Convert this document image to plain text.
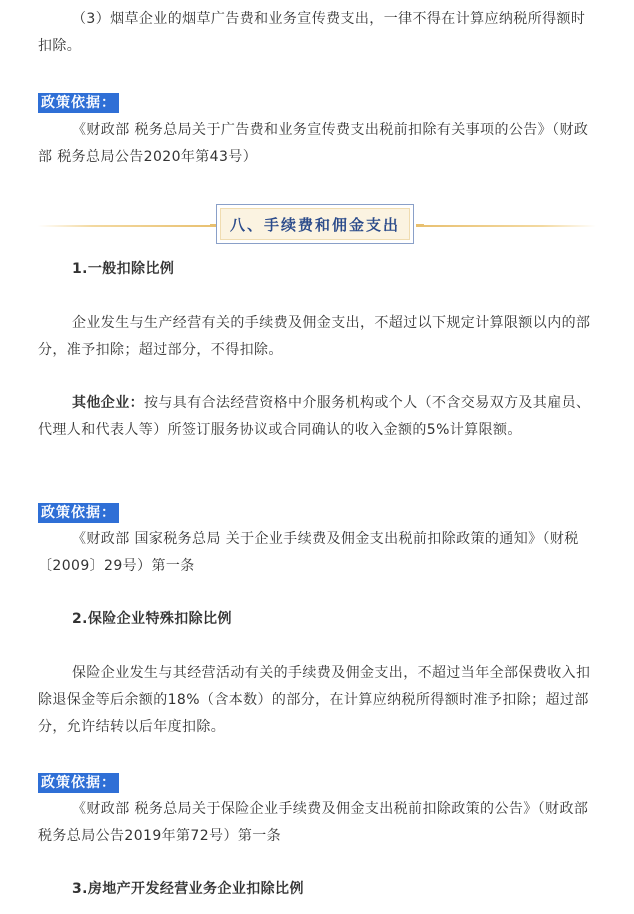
（3）烟草企业的烟草广告费和业务宣传费支出，一律不得在计算应纳税所得额时扣除。
政策依据：
《财政部 税务总局关于广告费和业务宣传费支出税前扣除有关事项的公告》（财政部 税务总局公告2020年第43号）
八、手续费和佣金支出
1.一般扣除比例
企业发生与生产经营有关的手续费及佣金支出，不超过以下规定计算限额以内的部分，准予扣除；超过部分，不得扣除。
其他企业：按与具有合法经营资格中介服务机构或个人（不含交易双方及其雇员、代理人和代表人等）所签订服务协议或合同确认的收入金额的5%计算限额。
政策依据：
《财政部 国家税务总局 关于企业手续费及佣金支出税前扣除政策的通知》（财税〔2009〕29号）第一条
2.保险企业特殊扣除比例
保险企业发生与其经营活动有关的手续费及佣金支出，不超过当年全部保费收入扣除退保金等后余额的18%（含本数）的部分，在计算应纳税所得额时准予扣除；超过部分，允许结转以后年度扣除。
政策依据：
《财政部 税务总局关于保险企业手续费及佣金支出税前扣除政策的公告》（财政部 税务总局公告2019年第72号）第一条
3.房地产开发经营业务企业扣除比例
